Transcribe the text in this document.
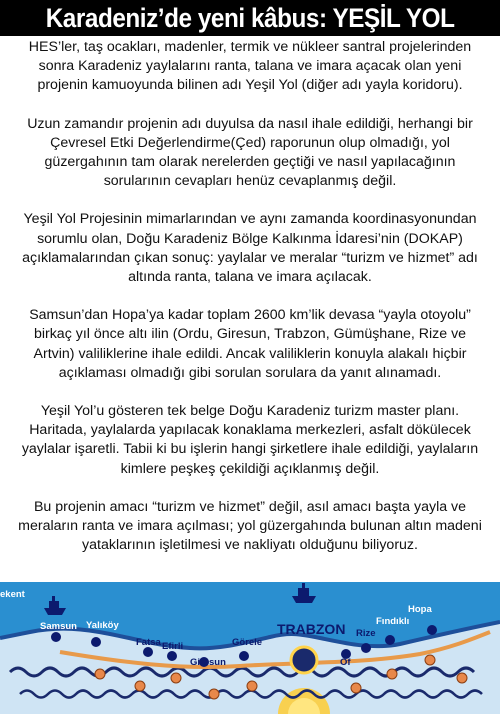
Karadeniz’de yeni kâbus: YEŞİL YOL

HES’ler, taş ocakları, madenler, termik ve nükleer santral projelerinden sonra Karadeniz yaylalarını ranta, talana ve imara açacak olan yeni projenin kamuoyunda bilinen adı Yeşil Yol (diğer adı yayla koridoru).

Uzun zamandır projenin adı duyulsa da nasıl ihale edildiği, herhangi bir Çevresel Etki Değerlendirme(Çed) raporunun olup olmadığı, yol güzergahının tam olarak nerelerden geçtiği ve nasıl yapılacağının sorularının cevapları henüz cevaplanmış değil.

Yeşil Yol Projesinin mimarlarından ve aynı zamanda koordinasyonundan sorumlu olan, Doğu Karadeniz Bölge Kalkınma İdaresi’nin (DOKAP) açıklamalarından çıkan sonuç: yaylalar ve meralar “turizm ve hizmet” adı altında ranta, talana ve imara açılacak.

Samsun’dan Hopa’ya kadar toplam 2600 km’lik devasa “yayla otoyolu” birkaç yıl önce altı ilin (Ordu, Giresun, Trabzon, Gümüşhane, Rize ve Artvin) valiliklerine ihale edildi. Ancak valiliklerin konuyla alakalı hiçbir açıklaması olmadığı gibi sorulan sorulara da yanıt alınamadı.

Yeşil Yol’u gösteren tek belge Doğu Karadeniz turizm master planı. Haritada, yaylalarda yapılacak konaklama merkezleri, asfalt dökülecek yaylalar işaretli. Tabii ki bu işlerin hangi şirketlere ihale edildiği, yaylaların kimlere peşkeş çekildiği açıklanmış değil.

Bu projenin amacı “turizm ve hizmet” değil, asıl amacı başta yayla ve meraların ranta ve imara açılması; yol güzergahında bulunan altın madeni yataklarının işletilmesi ve nakliyatı olduğunu biliyoruz.

ekent
Samsun Yalıköy
Fatsa Efirli
Giresun
Görele
TRABZON
Of
Rize
Fındıklı
Hopa
